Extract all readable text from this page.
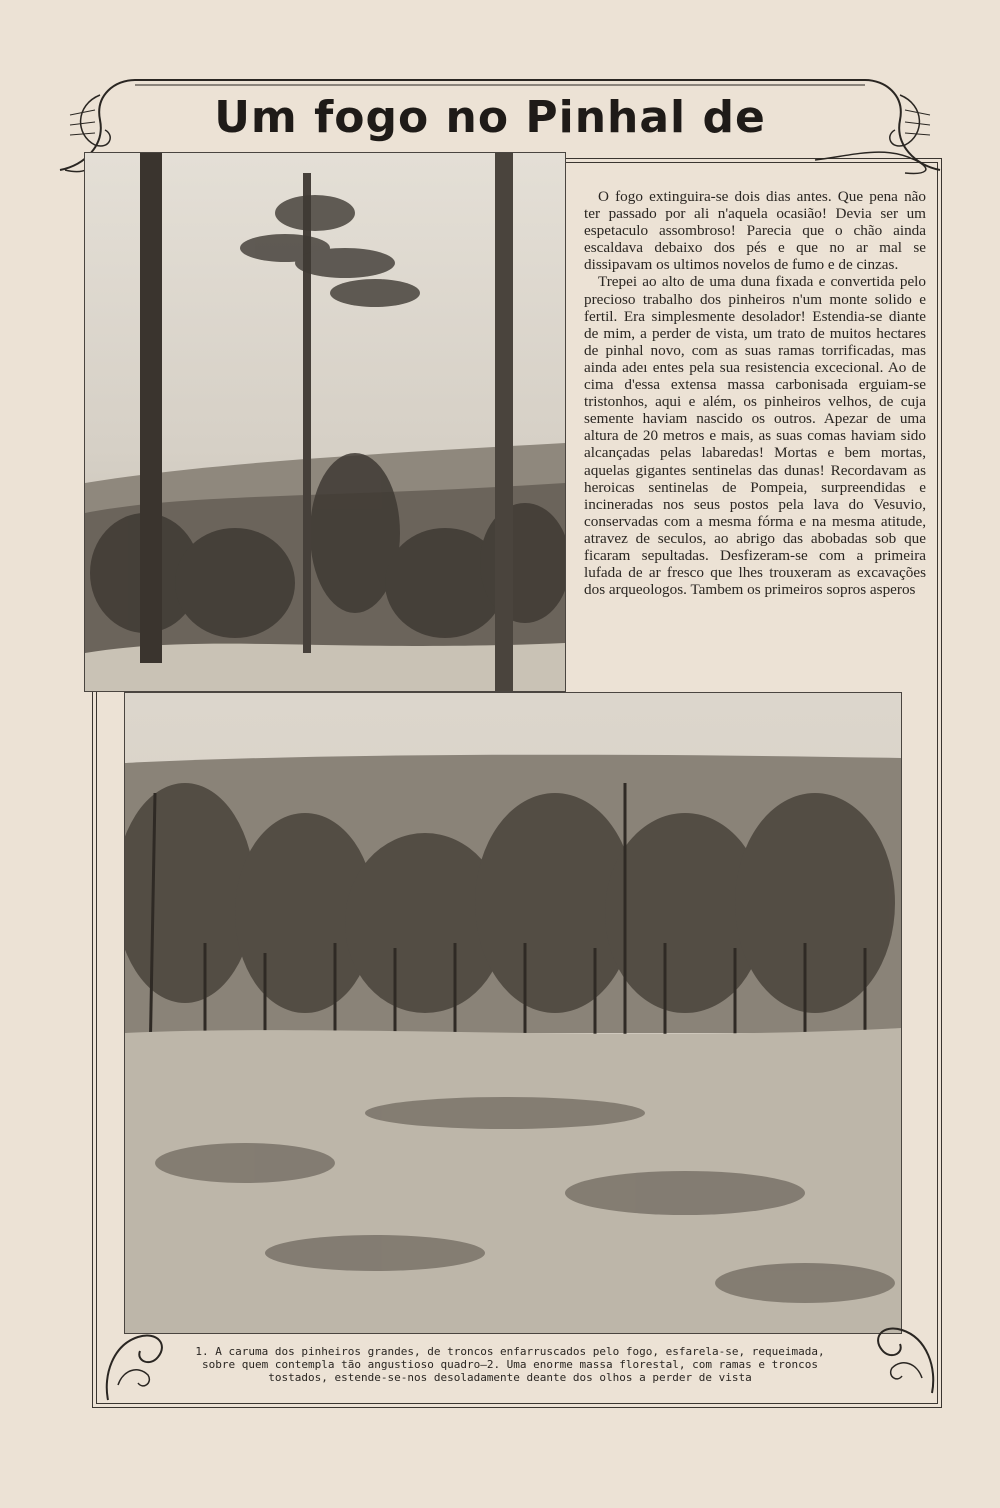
Um fogo no Pinhal de

O fogo extinguira-se dois dias antes. Que pena não ter passado por ali n'aquela ocasião! Devia ser um espetaculo assombroso! Parecia que o chão ainda escaldava debaixo dos pés e que no ar mal se dissipavam os ultimos novelos de fumo e de cinzas.

Trepei ao alto de uma duna fixada e convertida pelo precioso trabalho dos pinheiros n'um monte solido e fertil. Era simplesmente desolador! Estendia-se diante de mim, a perder de vista, um trato de muitos hectares de pinhal novo, com as suas ramas torrificadas, mas ainda adeı entes pela sua resistencia excecional. Ao de cima d'essa extensa massa carbonisada erguiam-se tristonhos, aqui e além, os pinheiros velhos, de cuja semente haviam nascido os outros. Apezar de uma altura de 20 metros e mais, as suas comas haviam sido alcançadas pelas labaredas! Mortas e bem mortas, aquelas gigantes sentinelas das dunas! Recordavam as heroicas sentinelas de Pompeia, surpreendidas e incineradas nos seus postos pela lava do Vesuvio, conservadas com a mesma fórma e na mesma atitude, atravez de seculos, ao abrigo das abobadas sob que ficaram sepultadas. Desfizeram-se com a primeira lufada de ar fresco que lhes trouxeram as excavações dos arqueologos. Tambem os primeiros sopros asperos

1. A caruma dos pinheiros grandes, de troncos enfarruscados pelo fogo, esfarela-se, requeimada, sobre quem contempla tão angustioso quadro—2. Uma enorme massa florestal, com ramas e troncos tostados, estende-se-nos desoladamente deante dos olhos a perder de vista
